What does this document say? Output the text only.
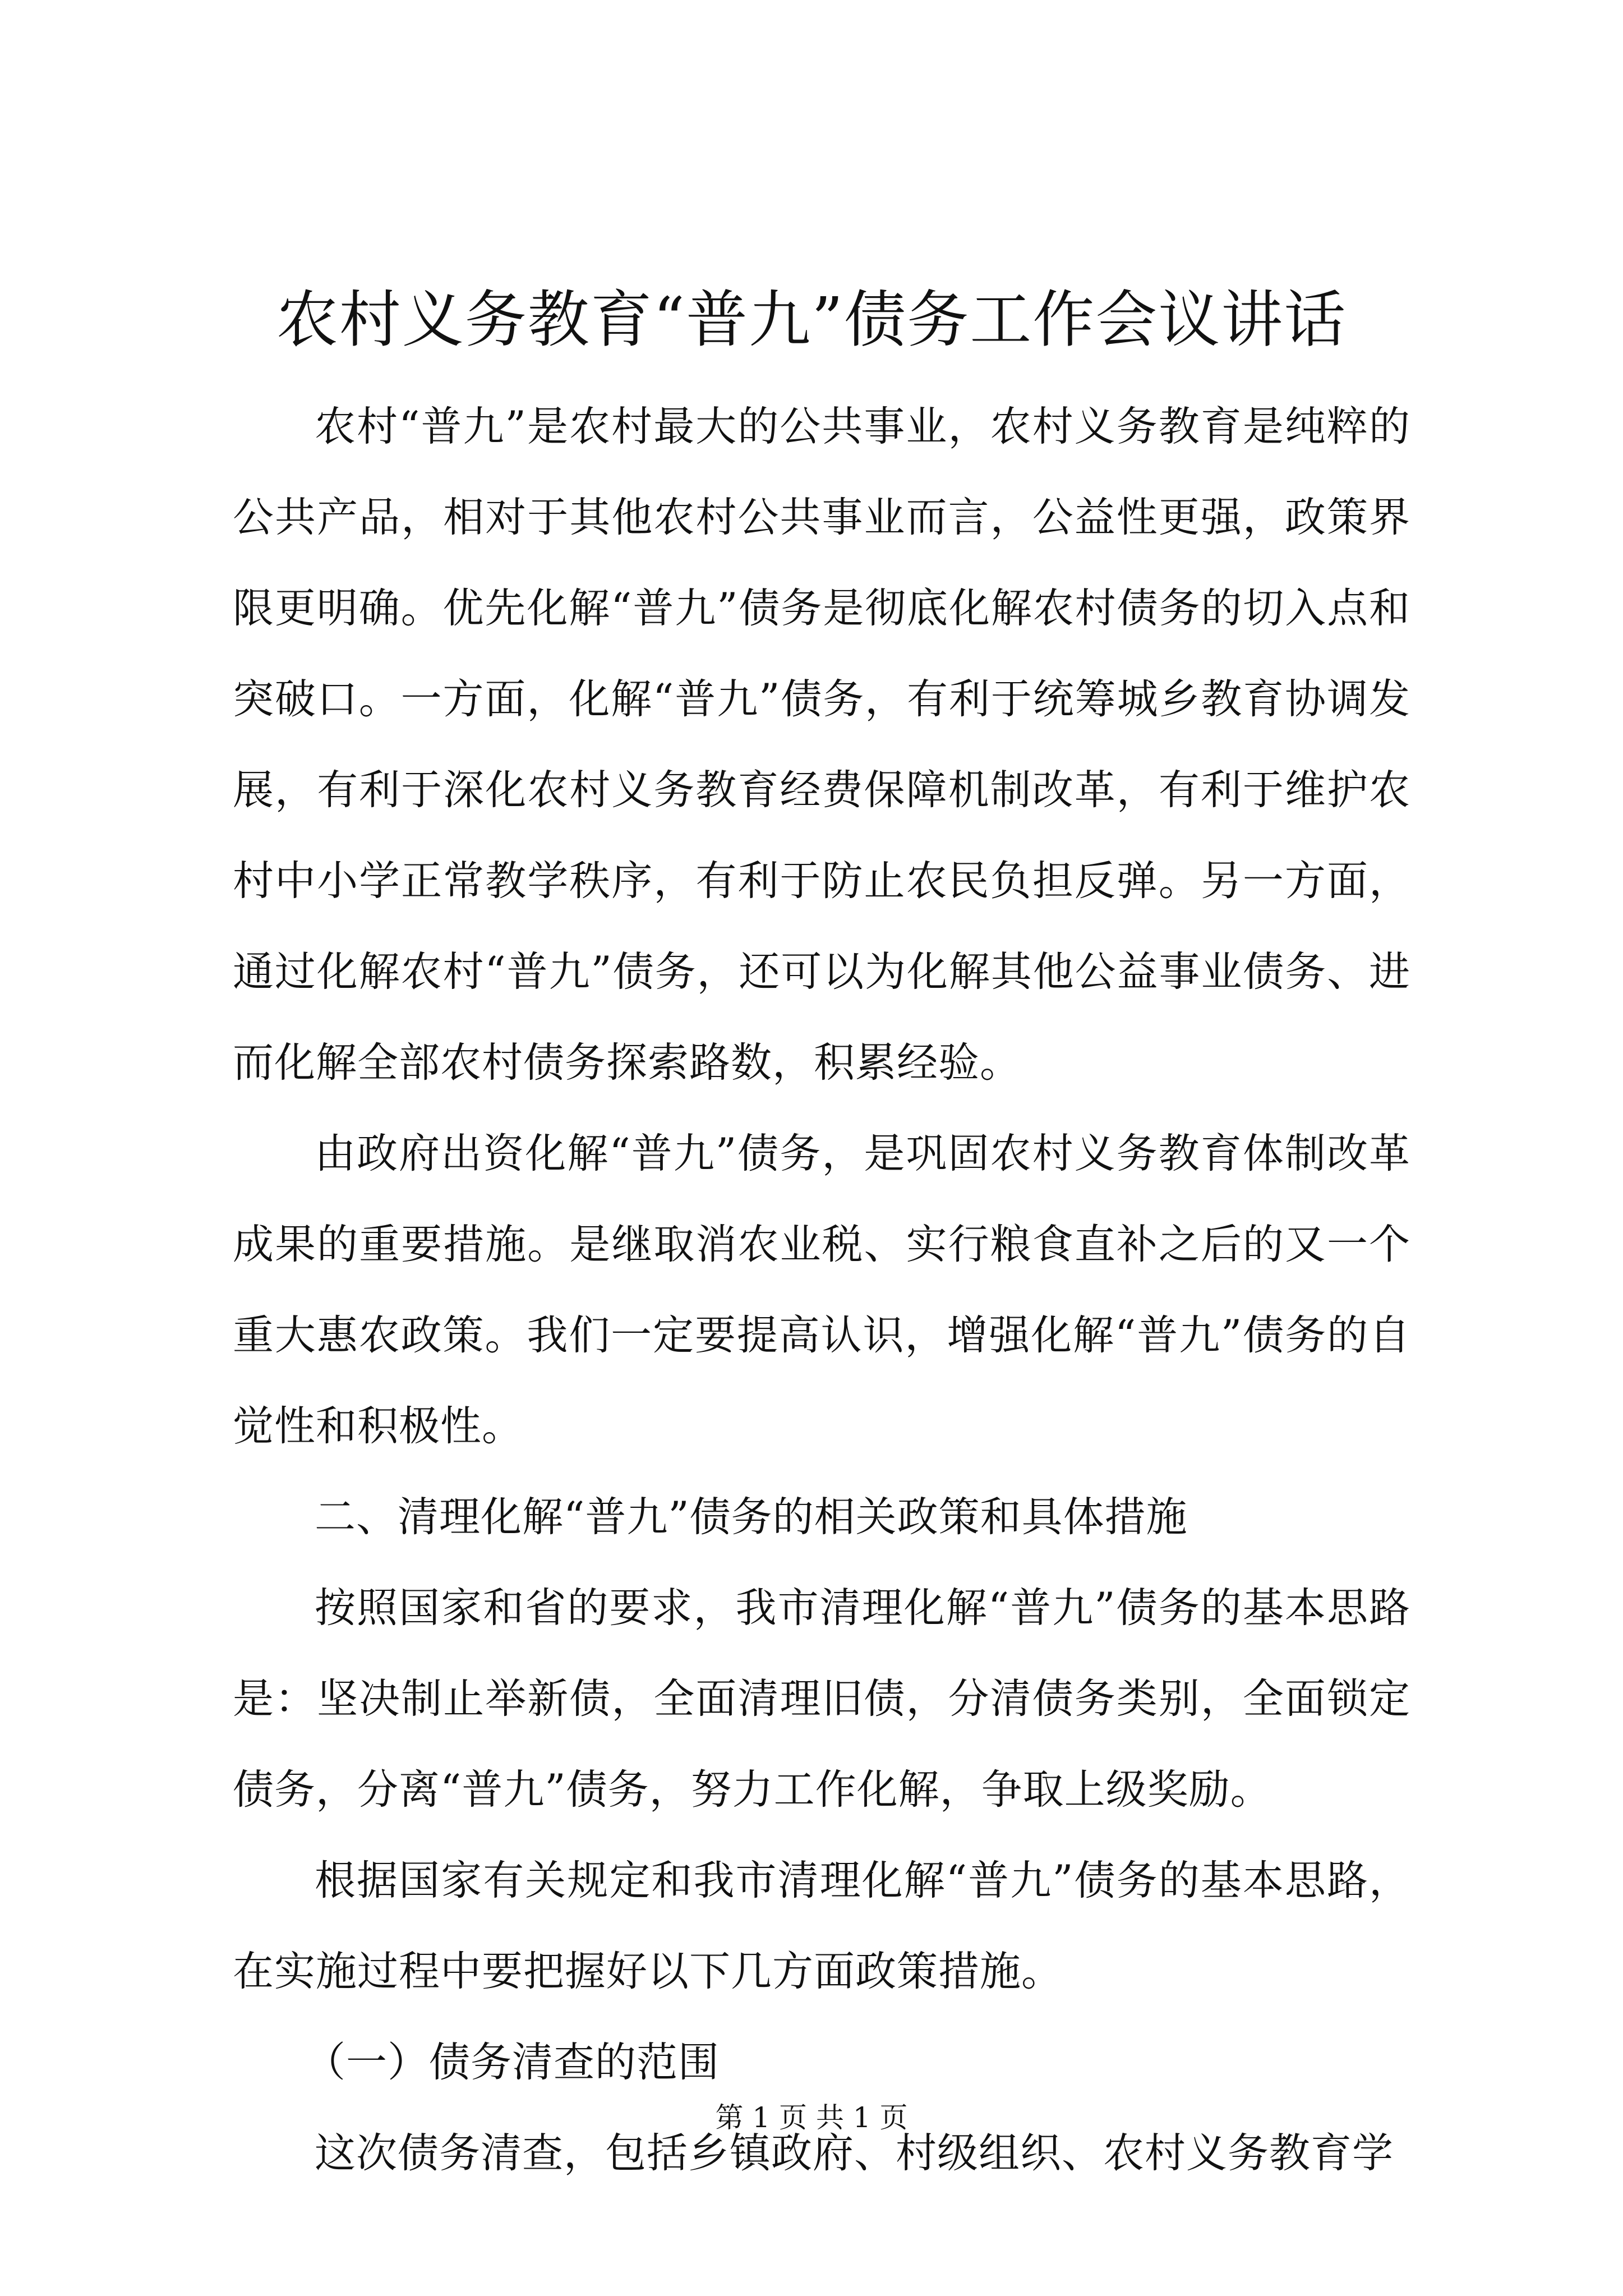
农村义务教育“普九”债务工作会议讲话

农村“普九”是农村最大的公共事业，农村义务教育是纯粹的公共产品，相对于其他农村公共事业而言，公益性更强，政策界限更明确。优先化解“普九”债务是彻底化解农村债务的切入点和突破口。一方面，化解“普九”债务，有利于统筹城乡教育协调发展，有利于深化农村义务教育经费保障机制改革，有利于维护农村中小学正常教学秩序，有利于防止农民负担反弹。另一方面，通过化解农村“普九”债务，还可以为化解其他公益事业债务、进而化解全部农村债务探索路数，积累经验。

由政府出资化解“普九”债务，是巩固农村义务教育体制改革成果的重要措施。是继取消农业税、实行粮食直补之后的又一个重大惠农政策。我们一定要提高认识，增强化解“普九”债务的自觉性和积极性。

二、清理化解“普九”债务的相关政策和具体措施

按照国家和省的要求，我市清理化解“普九”债务的基本思路是：坚决制止举新债，全面清理旧债，分清债务类别，全面锁定债务，分离“普九”债务，努力工作化解，争取上级奖励。

根据国家有关规定和我市清理化解“普九”债务的基本思路，在实施过程中要把握好以下几方面政策措施。

（一）债务清查的范围

这次债务清查，包括乡镇政府、村级组织、农村义务教育学

第 1 页 共 1 页
